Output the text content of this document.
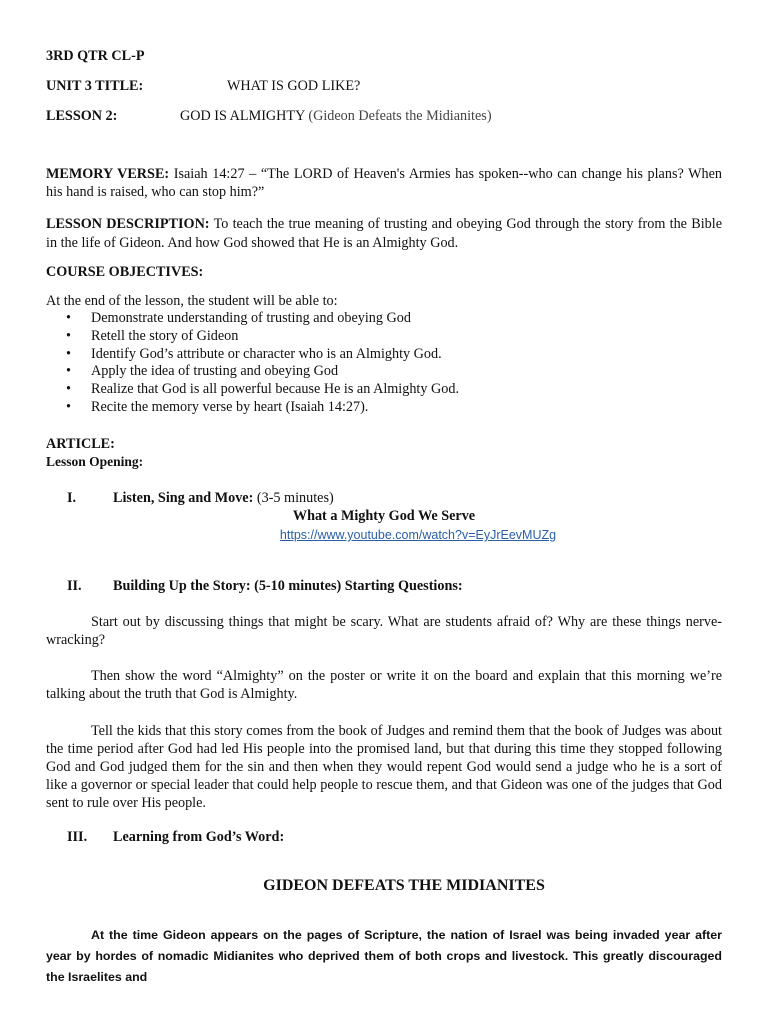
3RD QTR CL-P
UNIT 3 TITLE:	WHAT IS GOD LIKE?
LESSON 2:	GOD IS ALMIGHTY (Gideon Defeats the Midianites)
MEMORY VERSE: Isaiah 14:27 – “The LORD of Heaven's Armies has spoken--who can change his plans? When his hand is raised, who can stop him?”
LESSON DESCRIPTION: To teach the true meaning of trusting and obeying God through the story from the Bible in the life of Gideon. And how God showed that He is an Almighty God.
COURSE OBJECTIVES:
At the end of the lesson, the student will be able to:
• Demonstrate understanding of trusting and obeying God
• Retell the story of Gideon
• Identify God’s attribute or character who is an Almighty God.
• Apply the idea of trusting and obeying God
• Realize that God is all powerful because He is an Almighty God.
• Recite the memory verse by heart (Isaiah 14:27).
ARTICLE:
Lesson Opening:
I.	Listen, Sing and Move: (3-5 minutes)
What a Mighty God We Serve
https://www.youtube.com/watch?v=EyJrEevMUZg
II. Building Up the Story: (5-10 minutes) Starting Questions:
Start out by discussing things that might be scary. What are students afraid of? Why are these things nerve-wracking?
Then show the word “Almighty” on the poster or write it on the board and explain that this morning we’re talking about the truth that God is Almighty.
Tell the kids that this story comes from the book of Judges and remind them that the book of Judges was about the time period after God had led His people into the promised land, but that during this time they stopped following God and God judged them for the sin and then when they would repent God would send a judge who he is a sort of like a governor or special leader that could help people to rescue them, and that Gideon was one of the judges that God sent to rule over His people.
III. Learning from God’s Word:
GIDEON DEFEATS THE MIDIANITES
At the time Gideon appears on the pages of Scripture, the nation of Israel was being invaded year after year by hordes of nomadic Midianites who deprived them of both crops and livestock. This greatly discouraged the Israelites and
